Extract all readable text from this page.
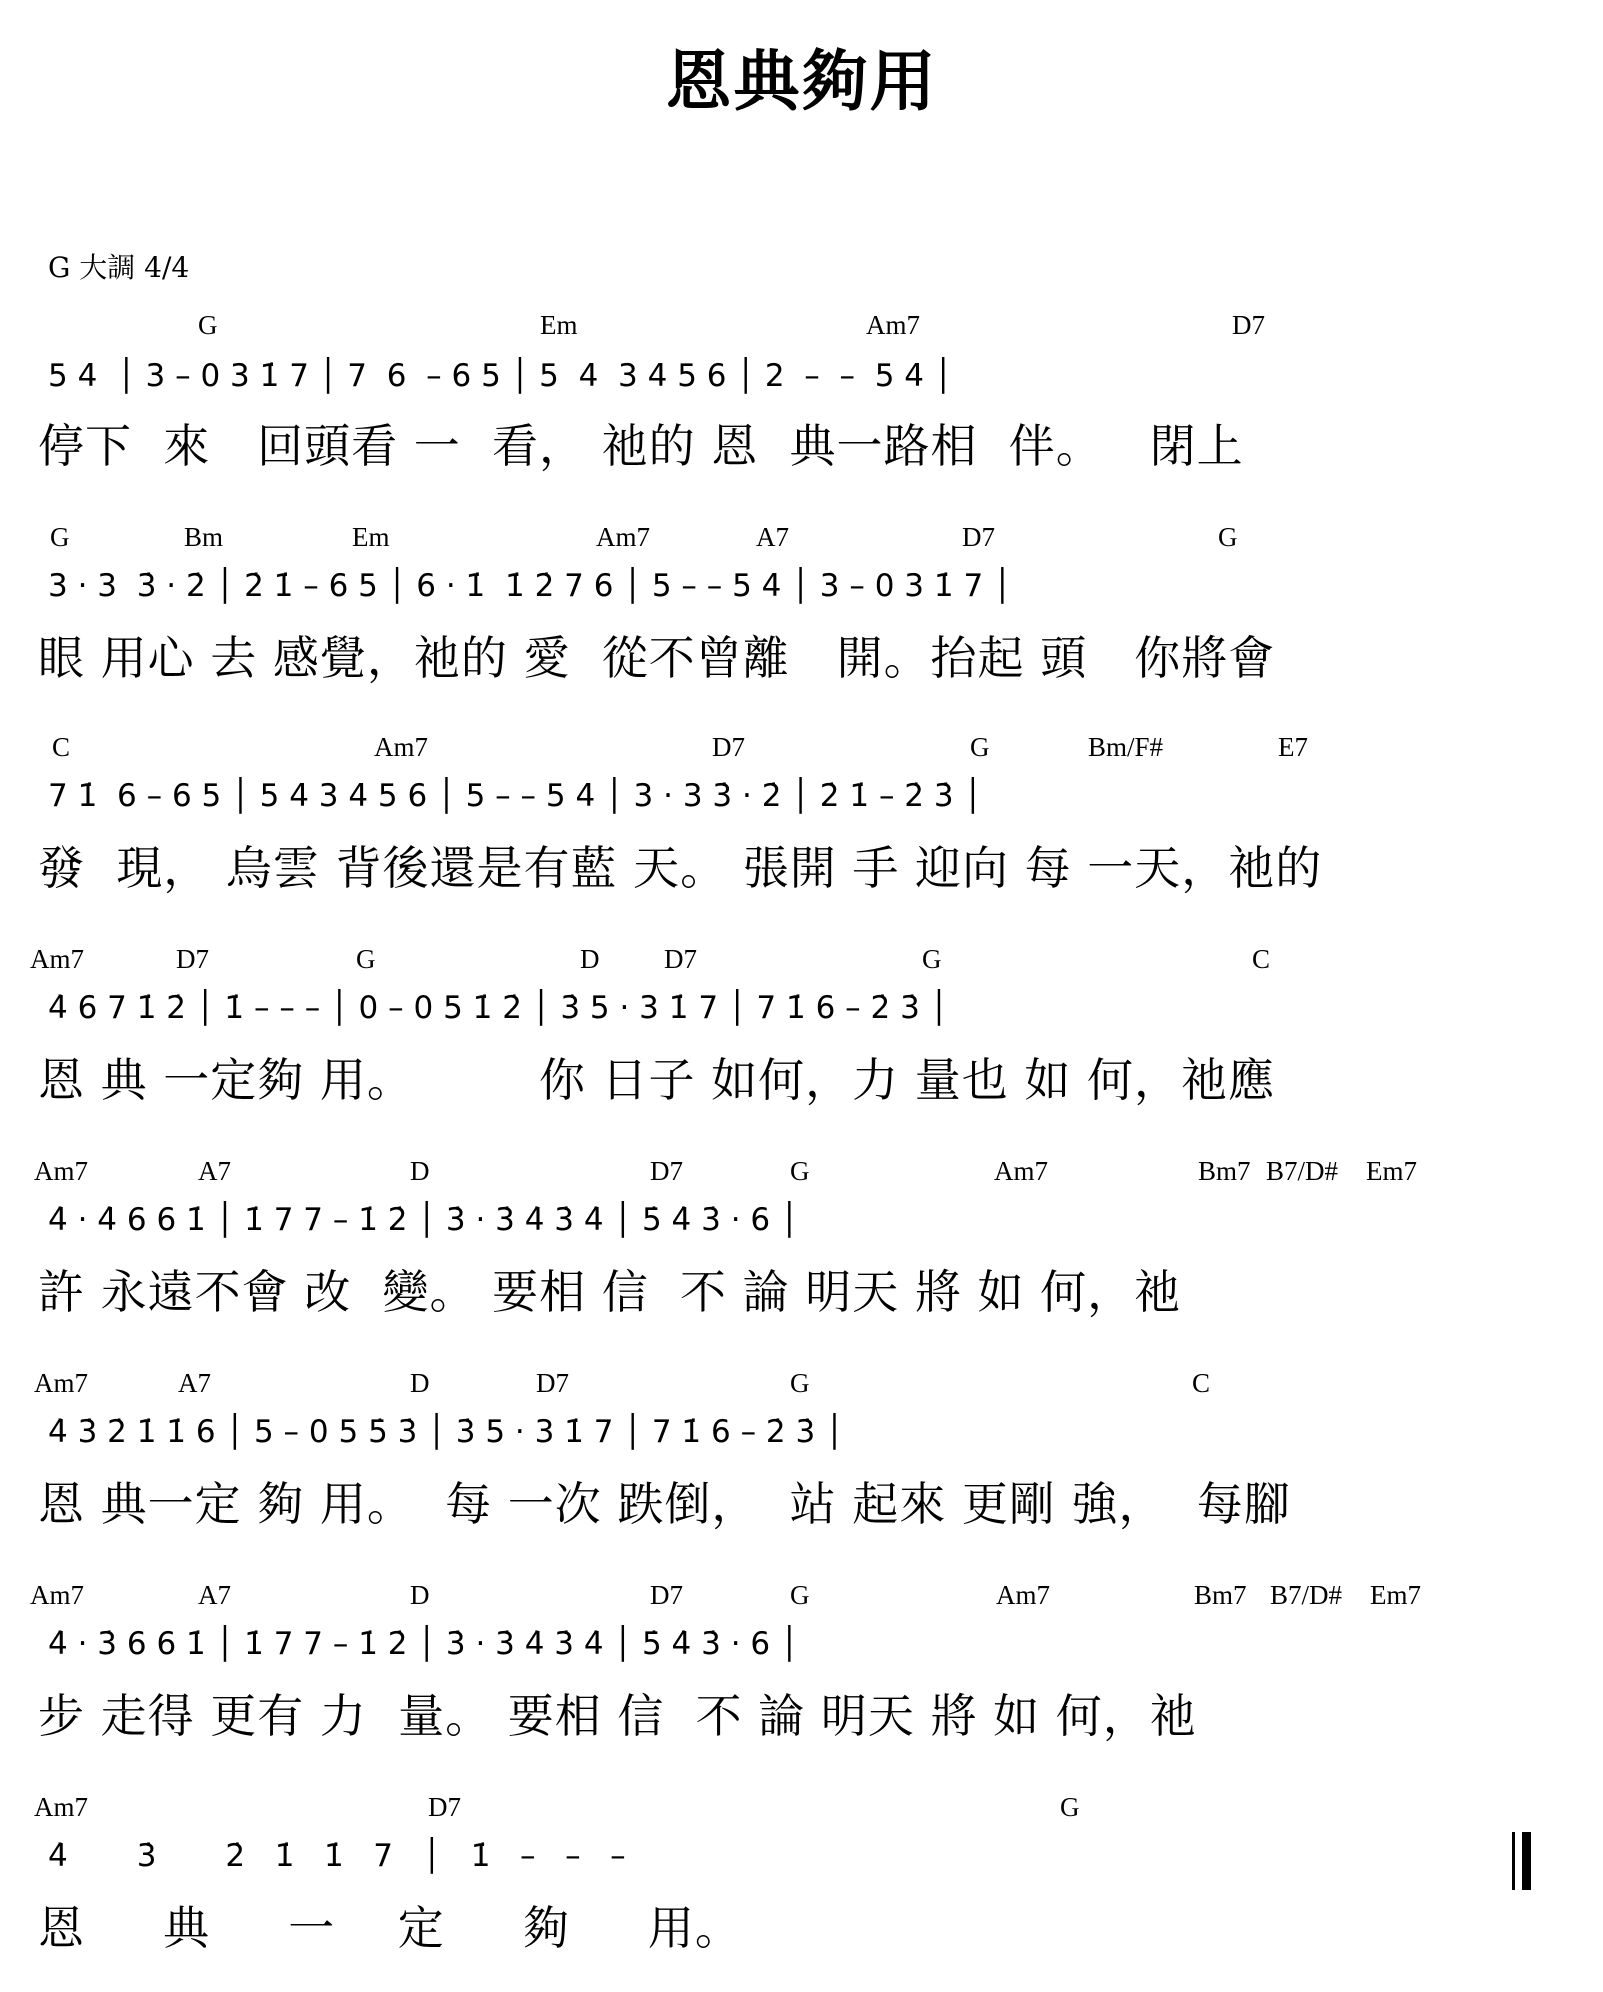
恩典夠用
G 大調 4/4
G	Em	Am7	D7
5 4  │ 3 – 0 3 1̇ 7 │ 7  6  – 6 5 │ 5  4  3 4 5 6 │ 2  –  –  5 4 │
停下  來   回頭看 一  看， 祂的 恩  典一路相  伴。   閉上
G	Bm	Em	Am7	A7	D7	G
3 · 3  3̇ · 2̇ │ 2̇ 1̇ – 6 5 │ 6 · 1̇  1̇ 2̇ 7 6 │ 5 – – 5 4 │ 3 – 0 3 1̇ 7 │
眼 用心 去 感覺，祂的 愛  從不曾離   開。抬起 頭   你將會
C	Am7	D7	G	Bm/F#	E7
7 1̇  6 – 6 5 │ 5 4 3 4 5 6 │ 5 – – 5 4 │ 3 · 3 3̇ · 2̇ │ 2̇ 1̇ – 2̇ 3̇ │
發  現， 烏雲 背後還是有藍 天。 張開 手 迎向 每 一天，祂的
Am7	D7	G	D D7	G	C
4̇ 6 7 1̇ 2̇ │ 1̇ – – – │ 0 – 0 5 1̇ 2̇ │ 3̇ 5 · 3 1̇ 7 │ 7 1̇ 6 – 2̇ 3̇ │
恩 典 一定夠 用。        你 日子 如何，力 量也 如 何，祂應
Am7	A7	D	D7	G	Am7	Bm7 B7/D# Em7
4̇ · 4̇ 6 6 1̇ │ 1̇ 7 7 – 1̇ 2̇ │ 3̇ · 3̇ 4̇ 3̇ 4̇ │ 5̇ 4̇ 3̇ · 6 │
許 永遠不會 改  變。 要相 信  不 論 明天 將 如 何，祂
Am7	A7	D	D7	G	C
4̇ 3̇ 2̇ 1̇ 1̇ 6 │ 5 – 0 5 5̇ 3̇ │ 3̇ 5 · 3 1̇ 7 │ 7 1̇ 6 – 2̇ 3̇ │
恩 典一定 夠 用。  每 一次 跌倒，  站 起來 更剛 強，  每腳
Am7	A7	D	D7	G	Am7	Bm7 B7/D# Em7
4̇ · 3̇ 6 6 1̇ │ 1̇ 7 7 – 1̇ 2̇ │ 3̇ · 3̇ 4̇ 3̇ 4̇ │ 5̇ 4̇ 3̇ · 6 │
步 走得 更有 力  量。 要相 信  不 論 明天 將 如 何，祂
Am7	D7	G
4̇       3̇       2̇   1̇   1̇   7   │   1̇   –   –   –
恩     典     一    定     夠     用。
